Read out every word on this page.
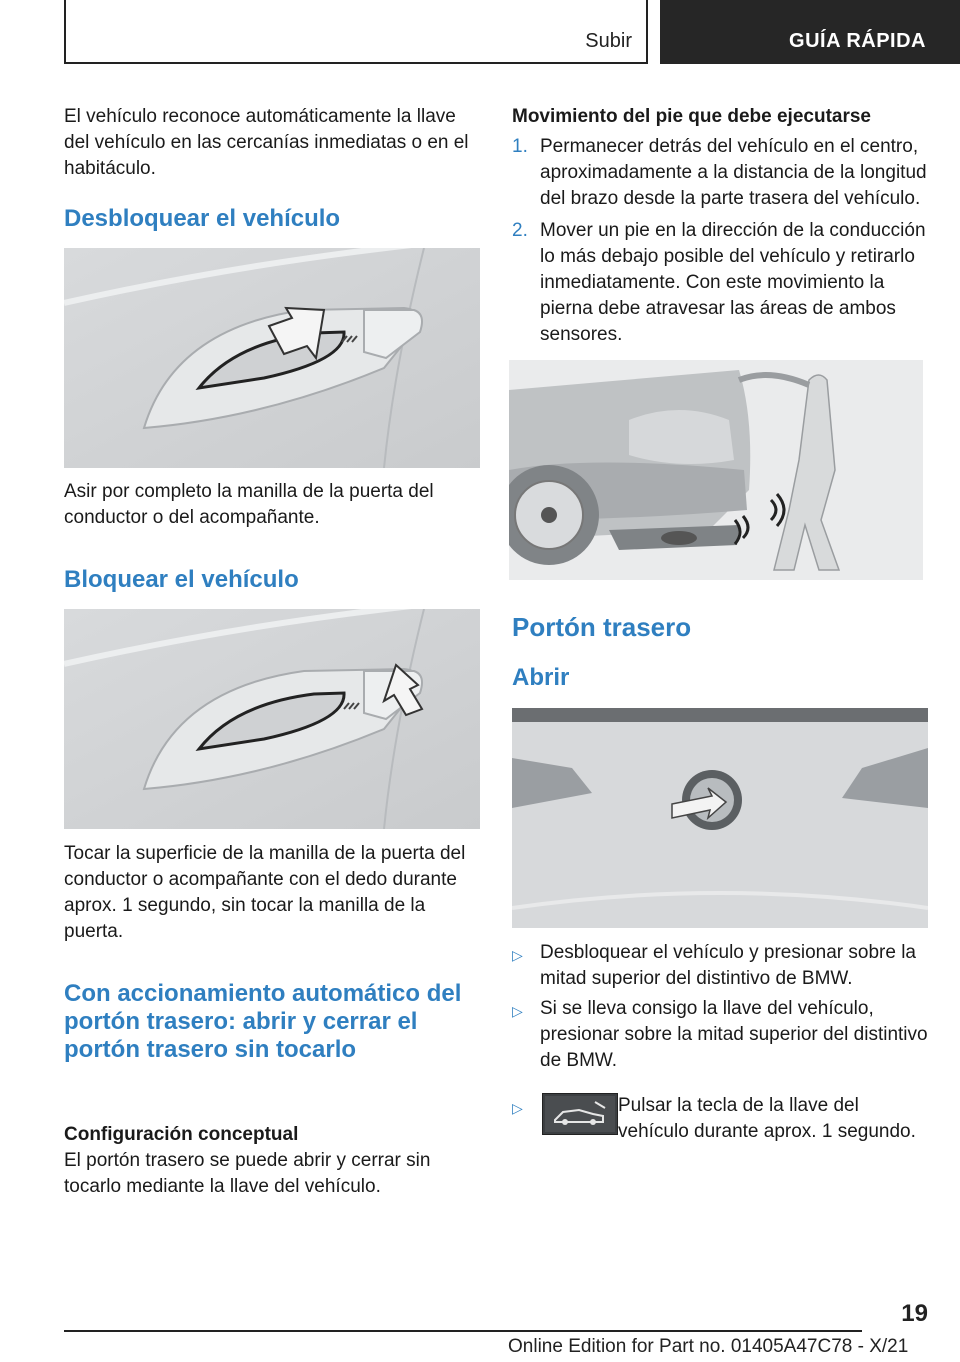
Subir	GUÍA RÁPIDA
El vehículo reconoce automáticamente la llave del vehículo en las cercanías inmediatas o en el habitáculo.
Desbloquear el vehículo
Asir por completo la manilla de la puerta del conductor o del acompañante.
Bloquear el vehículo
Tocar la superficie de la manilla de la puerta del conductor o acompañante con el dedo durante aprox. 1 segundo, sin tocar la manilla de la puerta.
Con accionamiento automático del portón trasero: abrir y cerrar el portón trasero sin tocarlo
Configuración conceptual
El portón trasero se puede abrir y cerrar sin tocarlo mediante la llave del vehículo.
Movimiento del pie que debe ejecutarse
1. Permanecer detrás del vehículo en el centro, aproximadamente a la distancia de la longitud del brazo desde la parte trasera del vehículo.
2. Mover un pie en la dirección de la conducción lo más debajo posible del vehículo y retirarlo inmediatamente. Con este movimiento la pierna debe atravesar las áreas de ambos sensores.
Portón trasero
Abrir
▷ Desbloquear el vehículo y presionar sobre la mitad superior del distintivo de BMW.
▷ Si se lleva consigo la llave del vehículo, presionar sobre la mitad superior del distintivo de BMW.
▷	Pulsar la tecla de la llave del vehículo durante aprox. 1 segundo.
19
Online Edition for Part no. 01405A47C78 - X/21
